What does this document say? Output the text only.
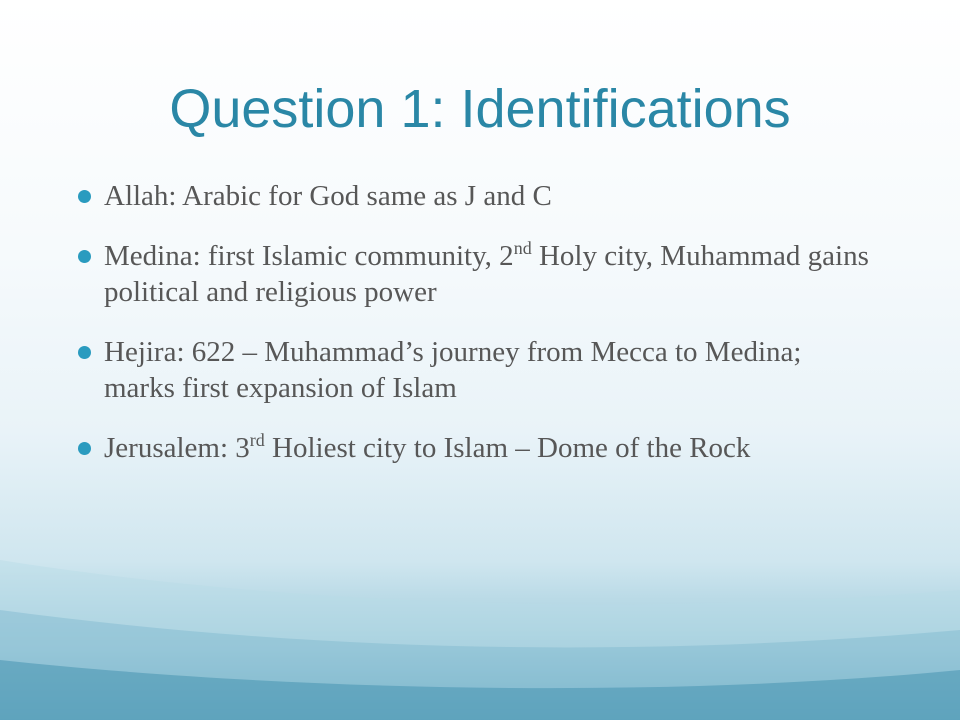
Question 1: Identifications
Allah: Arabic for God same as J and C
Medina: first Islamic community, 2nd Holy city, Muhammad gains political and religious power
Hejira: 622 – Muhammad’s journey from Mecca to Medina; marks first expansion of Islam
Jerusalem: 3rd Holiest city to Islam – Dome of the Rock
